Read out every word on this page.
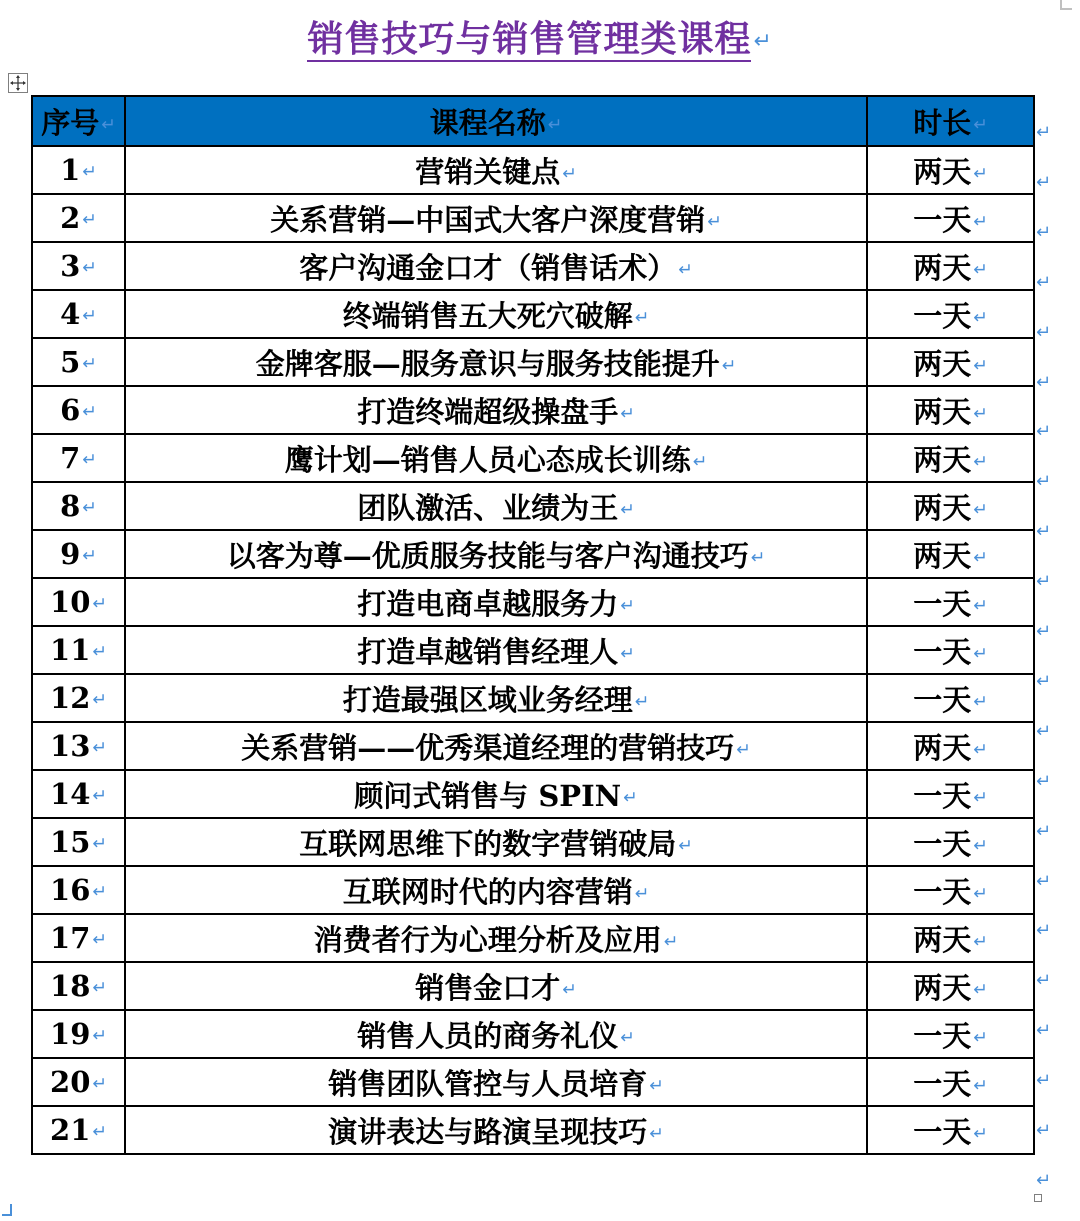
销售技巧与销售管理类课程↵
序号 ↵	课程名称 ↵	时长 ↵
1 ↵	营销关键点 ↵	两天 ↵
2 ↵	关系营销—中国式大客户深度营销 ↵	一天 ↵
3 ↵	客户沟通金口才（销售话术） ↵	两天 ↵
4 ↵	终端销售五大死穴破解 ↵	一天 ↵
5 ↵	金牌客服—服务意识与服务技能提升 ↵	两天 ↵
6 ↵	打造终端超级操盘手 ↵	两天 ↵
7 ↵	鹰计划—销售人员心态成长训练 ↵	两天 ↵
8 ↵	团队激活、业绩为王 ↵	两天 ↵
9 ↵	以客为尊—优质服务技能与客户沟通技巧 ↵	两天 ↵
10 ↵	打造电商卓越服务力 ↵	一天 ↵
11 ↵	打造卓越销售经理人 ↵	一天 ↵
12 ↵	打造最强区域业务经理 ↵	一天 ↵
13 ↵	关系营销——优秀渠道经理的营销技巧 ↵	两天 ↵
14 ↵	顾问式销售与 SPIN ↵	一天 ↵
15 ↵	互联网思维下的数字营销破局 ↵	一天 ↵
16 ↵	互联网时代的内容营销 ↵	一天 ↵
17 ↵	消费者行为心理分析及应用 ↵	两天 ↵
18 ↵	销售金口才 ↵	两天 ↵
19 ↵	销售人员的商务礼仪 ↵	一天 ↵
20 ↵	销售团队管控与人员培育 ↵	一天 ↵
21 ↵	演讲表达与路演呈现技巧 ↵	一天 ↵
↵
↵
↵
↵
↵
↵
↵
↵
↵
↵
↵
↵
↵
↵
↵
↵
↵
↵
↵
↵
↵
↵
